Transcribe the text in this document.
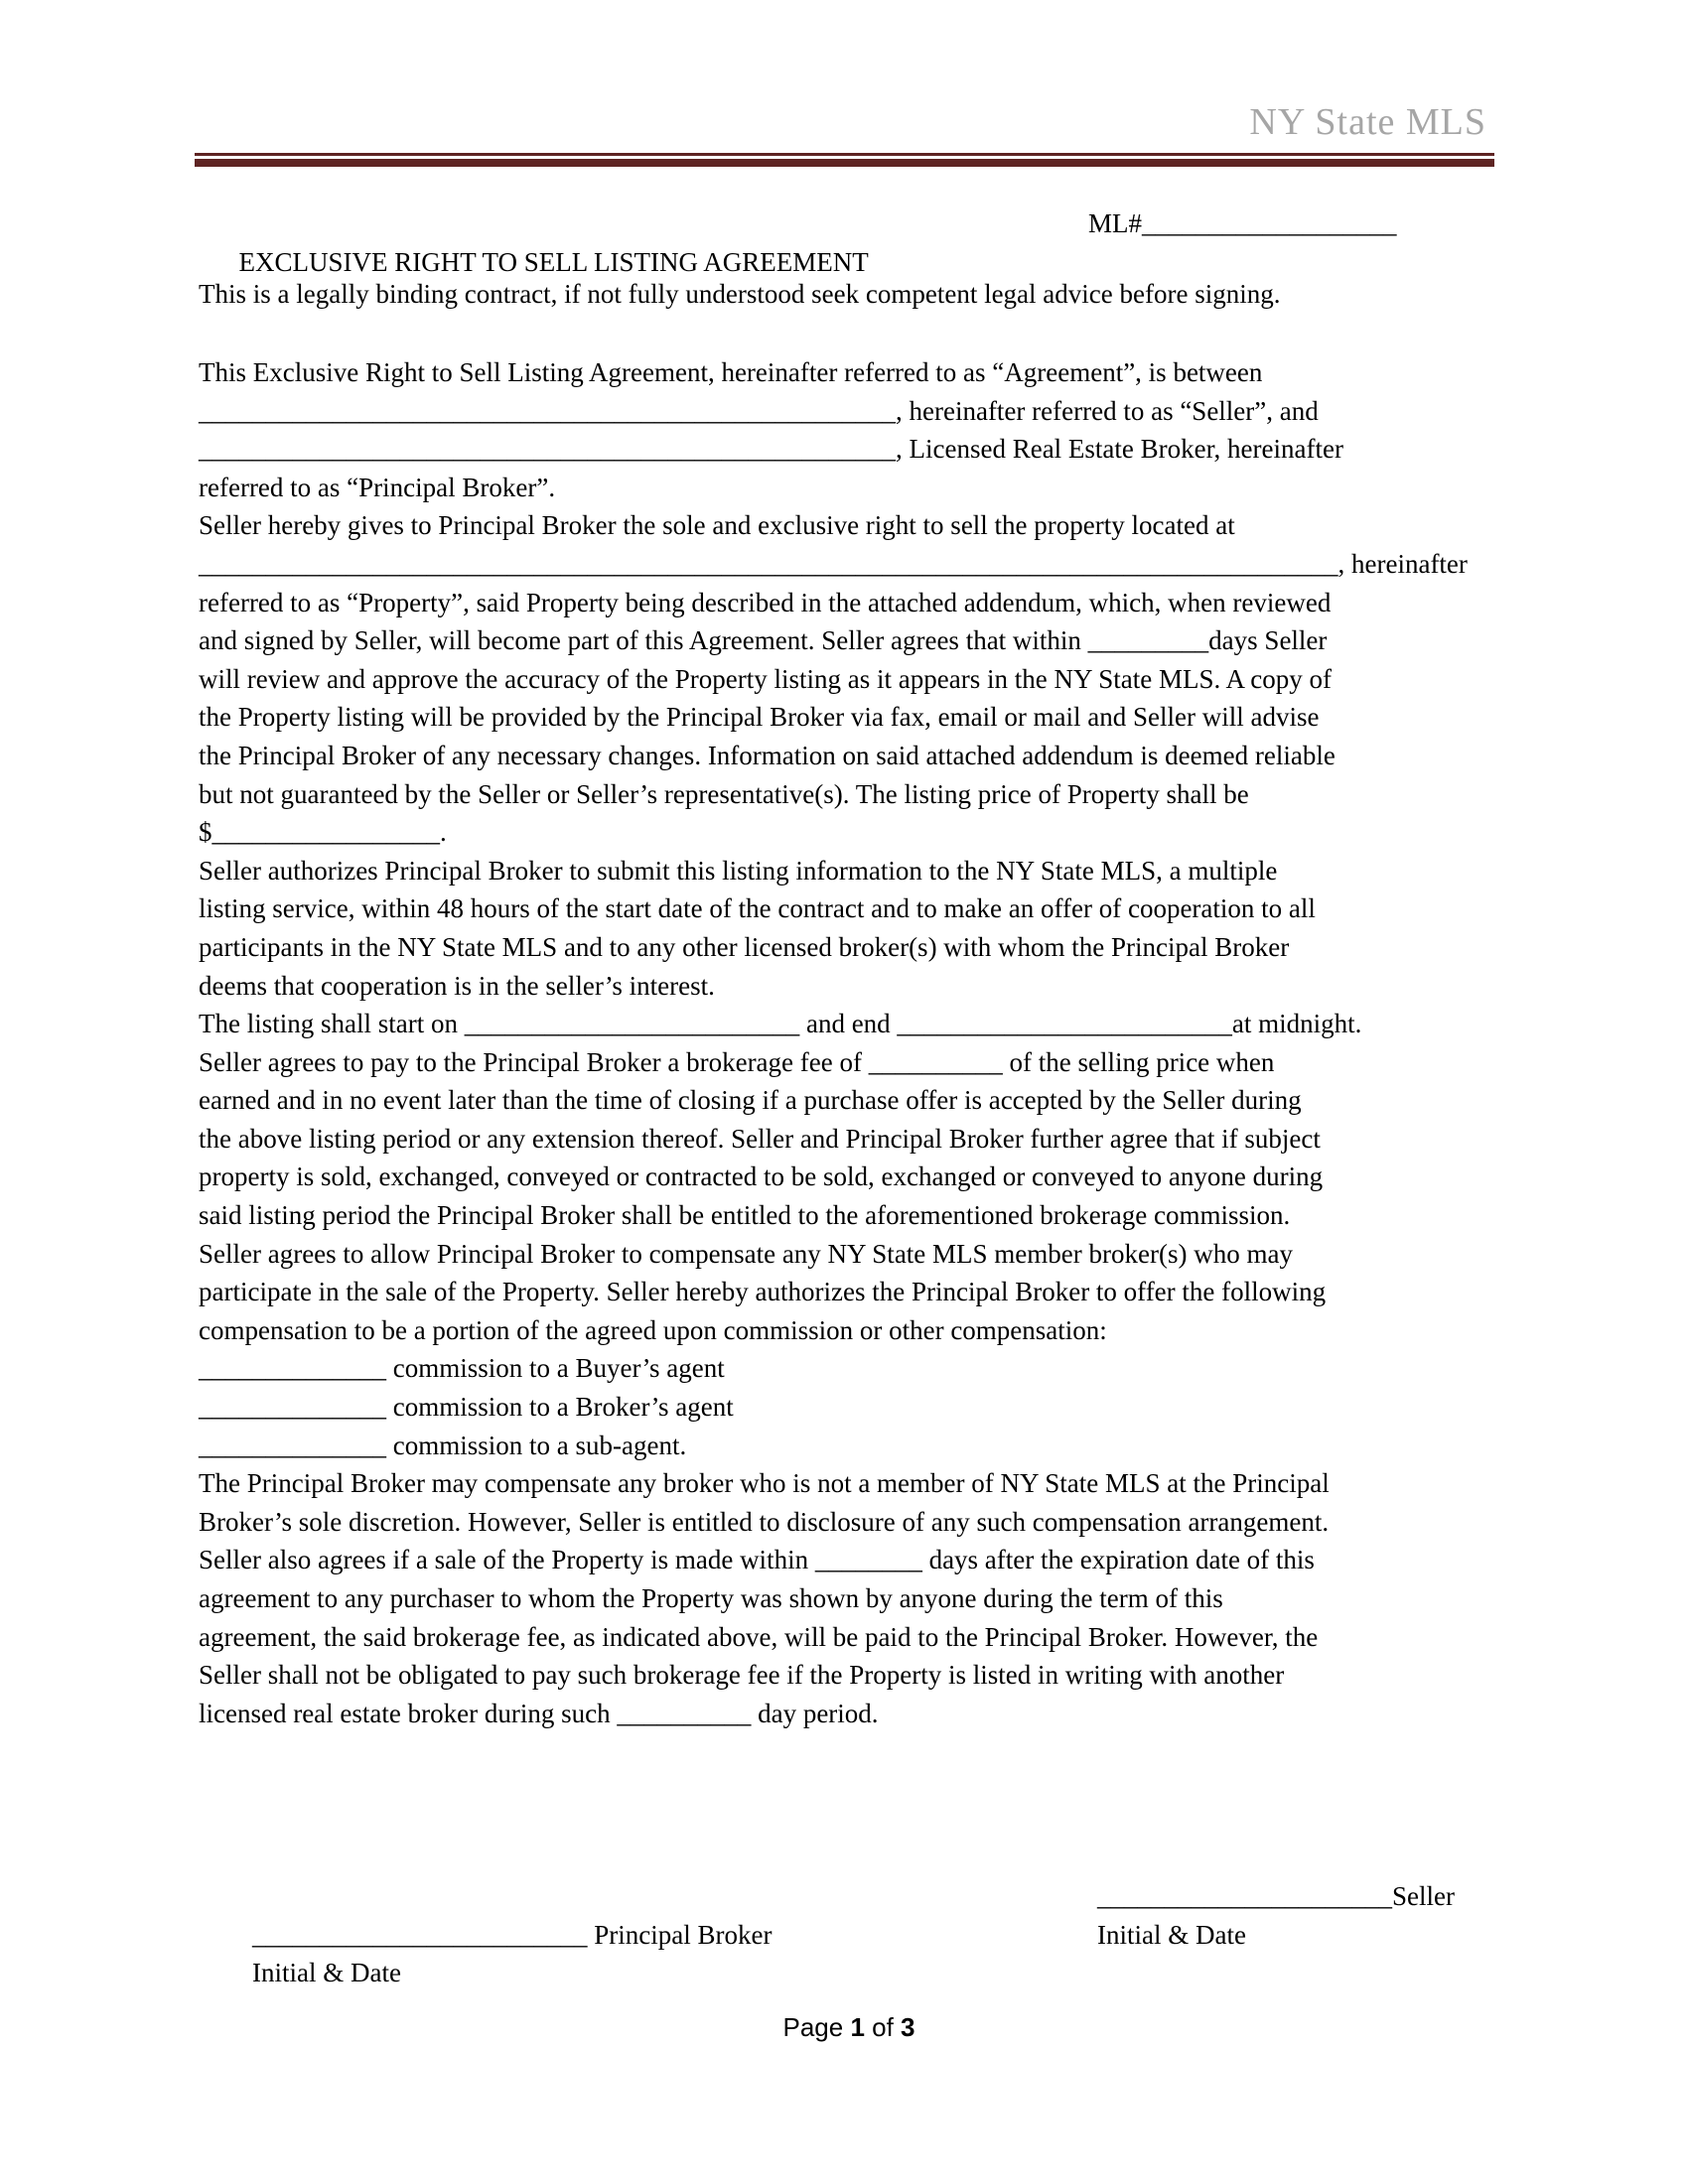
NY State MLS

EXCLUSIVE RIGHT TO SELL LISTING AGREEMENT

ML#___________________

This is a legally binding contract, if not fully understood seek competent legal advice before signing.
This Exclusive Right to Sell Listing Agreement, hereinafter referred to as “Agreement”, is between
____________________________________________________, hereinafter referred to as “Seller”, and
____________________________________________________, Licensed Real Estate Broker, hereinafter
referred to as “Principal Broker”.
Seller hereby gives to Principal Broker the sole and exclusive right to sell the property located at
_____________________________________________________________________________________, hereinafter
referred to as “Property”, said Property being described in the attached addendum, which, when reviewed
and signed by Seller, will become part of this Agreement. Seller agrees that within _________days Seller
will review and approve the accuracy of the Property listing as it appears in the NY State MLS. A copy of
the Property listing will be provided by the Principal Broker via fax, email or mail and Seller will advise
the Principal Broker of any necessary changes. Information on said attached addendum is deemed reliable
but not guaranteed by the Seller or Seller’s representative(s). The listing price of Property shall be
$_________________.
Seller authorizes Principal Broker to submit this listing information to the NY State MLS, a multiple
listing service, within 48 hours of the start date of the contract and to make an offer of cooperation to all
participants in the NY State MLS and to any other licensed broker(s) with whom the Principal Broker
deems that cooperation is in the seller’s interest.
The listing shall start on _________________________ and end _________________________at midnight.
Seller agrees to pay to the Principal Broker a brokerage fee of __________ of the selling price when
earned and in no event later than the time of closing if a purchase offer is accepted by the Seller during
the above listing period or any extension thereof. Seller and Principal Broker further agree that if subject
property is sold, exchanged, conveyed or contracted to be sold, exchanged or conveyed to anyone during
said listing period the Principal Broker shall be entitled to the aforementioned brokerage commission.
Seller agrees to allow Principal Broker to compensate any NY State MLS member broker(s) who may
participate in the sale of the Property. Seller hereby authorizes the Principal Broker to offer the following
compensation to be a portion of the agreed upon commission or other compensation:
______________ commission to a Buyer’s agent
______________ commission to a Broker’s agent
______________ commission to a sub-agent.
The Principal Broker may compensate any broker who is not a member of NY State MLS at the Principal
Broker’s sole discretion. However, Seller is entitled to disclosure of any such compensation arrangement.
Seller also agrees if a sale of the Property is made within ________ days after the expiration date of this
agreement to any purchaser to whom the Property was shown by anyone during the term of this
agreement, the said brokerage fee, as indicated above, will be paid to the Principal Broker. However, the
Seller shall not be obligated to pay such brokerage fee if the Property is listed in writing with another
licensed real estate broker during such __________ day period.

_________________________ Principal Broker

______________________Seller

Initial & Date

Initial & Date

Page 1 of 3
